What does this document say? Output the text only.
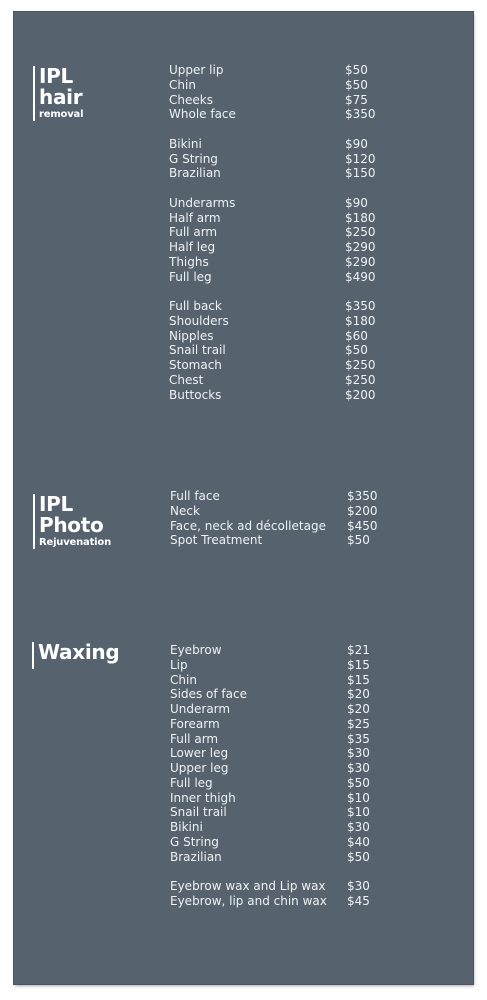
IPL
hair
removal
Upper lip	$50
Chin	$50
Cheeks	$75
Whole face	$350
Bikini	$90
G String	$120
Brazilian	$150
Underarms	$90
Half arm	$180
Full arm	$250
Half leg	$290
Thighs	$290
Full leg	$490
Full back	$350
Shoulders	$180
Nipples	$60
Snail trail	$50
Stomach	$250
Chest	$250
Buttocks	$200
IPL
Photo
Rejuvenation
Full face	$350
Neck	$200
Face, neck ad décolletage $450
Spot Treatment	$50
Waxing	Eyebrow	$21
Lip	$15
Chin	$15
Sides of face	$20
Underarm	$20
Forearm	$25
Full arm	$35
Lower leg	$30
Upper leg	$30
Full leg	$50
Inner thigh	$10
Snail trail	$10
Bikini	$30
G String	$40
Brazilian	$50
Eyebrow wax and Lip wax $30
Eyebrow, lip and chin wax $45
